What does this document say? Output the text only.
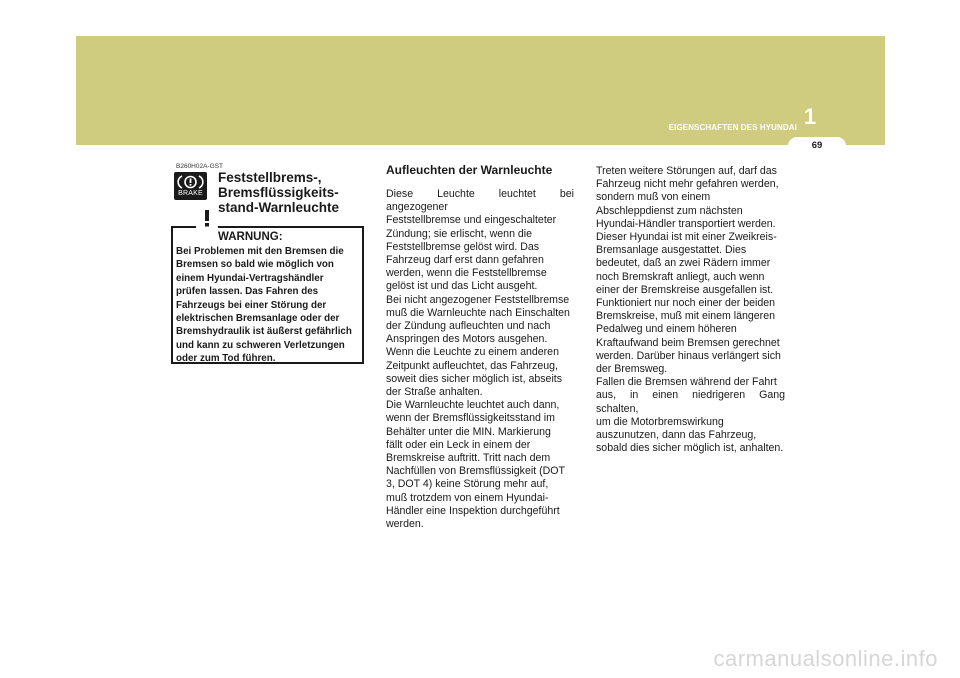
1
EIGENSCHAFTEN DES HYUNDAI
69
B260H02A-GST
BRAKE
Feststellbrems-,
Bremsflüssigkeits-
stand-Warnleuchte
WARNUNG:
Bei Problemen mit den Bremsen die
Bremsen so bald wie möglich von
einem Hyundai-Vertragshändler
prüfen lassen. Das Fahren des
Fahrzeugs bei einer Störung der
elektrischen Bremsanlage oder der
Bremshydraulik ist äußerst gefährlich
und kann zu schweren Verletzungen
oder zum Tod führen.
Aufleuchten der Warnleuchte
Diese Leuchte leuchtet bei angezogener
Feststellbremse und eingeschalteter
Zündung; sie erlischt, wenn die
Feststellbremse gelöst wird. Das
Fahrzeug darf erst dann gefahren
werden, wenn die Feststellbremse
gelöst ist und das Licht ausgeht.
Bei nicht angezogener Feststellbremse
muß die Warnleuchte nach Einschalten
der Zündung aufleuchten und nach
Anspringen des Motors ausgehen.
Wenn die Leuchte zu einem anderen
Zeitpunkt aufleuchtet, das Fahrzeug,
soweit dies sicher möglich ist, abseits
der Straße anhalten.
Die Warnleuchte leuchtet auch dann,
wenn der Bremsflüssigkeitsstand im
Behälter unter die MIN. Markierung
fällt oder ein Leck in einem der
Bremskreise auftritt. Tritt nach dem
Nachfüllen von Bremsflüssigkeit (DOT
3, DOT 4) keine Störung mehr auf,
muß trotzdem von einem Hyundai-
Händler eine Inspektion durchgeführt
werden.
Treten weitere Störungen auf, darf das
Fahrzeug nicht mehr gefahren werden,
sondern muß von einem
Abschleppdienst zum nächsten
Hyundai-Händler transportiert werden.
Dieser Hyundai ist mit einer Zweikreis-
Bremsanlage ausgestattet. Dies
bedeutet, daß an zwei Rädern immer
noch Bremskraft anliegt, auch wenn
einer der Bremskreise ausgefallen ist.
Funktioniert nur noch einer der beiden
Bremskreise, muß mit einem längeren
Pedalweg und einem höheren
Kraftaufwand beim Bremsen gerechnet
werden. Darüber hinaus verlängert sich
der Bremsweg.
Fallen die Bremsen während der Fahrt
aus, in einen niedrigeren Gang schalten,
um die Motorbremswirkung
auszunutzen, dann das Fahrzeug,
sobald dies sicher möglich ist, anhalten.
carmanualsonline.info
